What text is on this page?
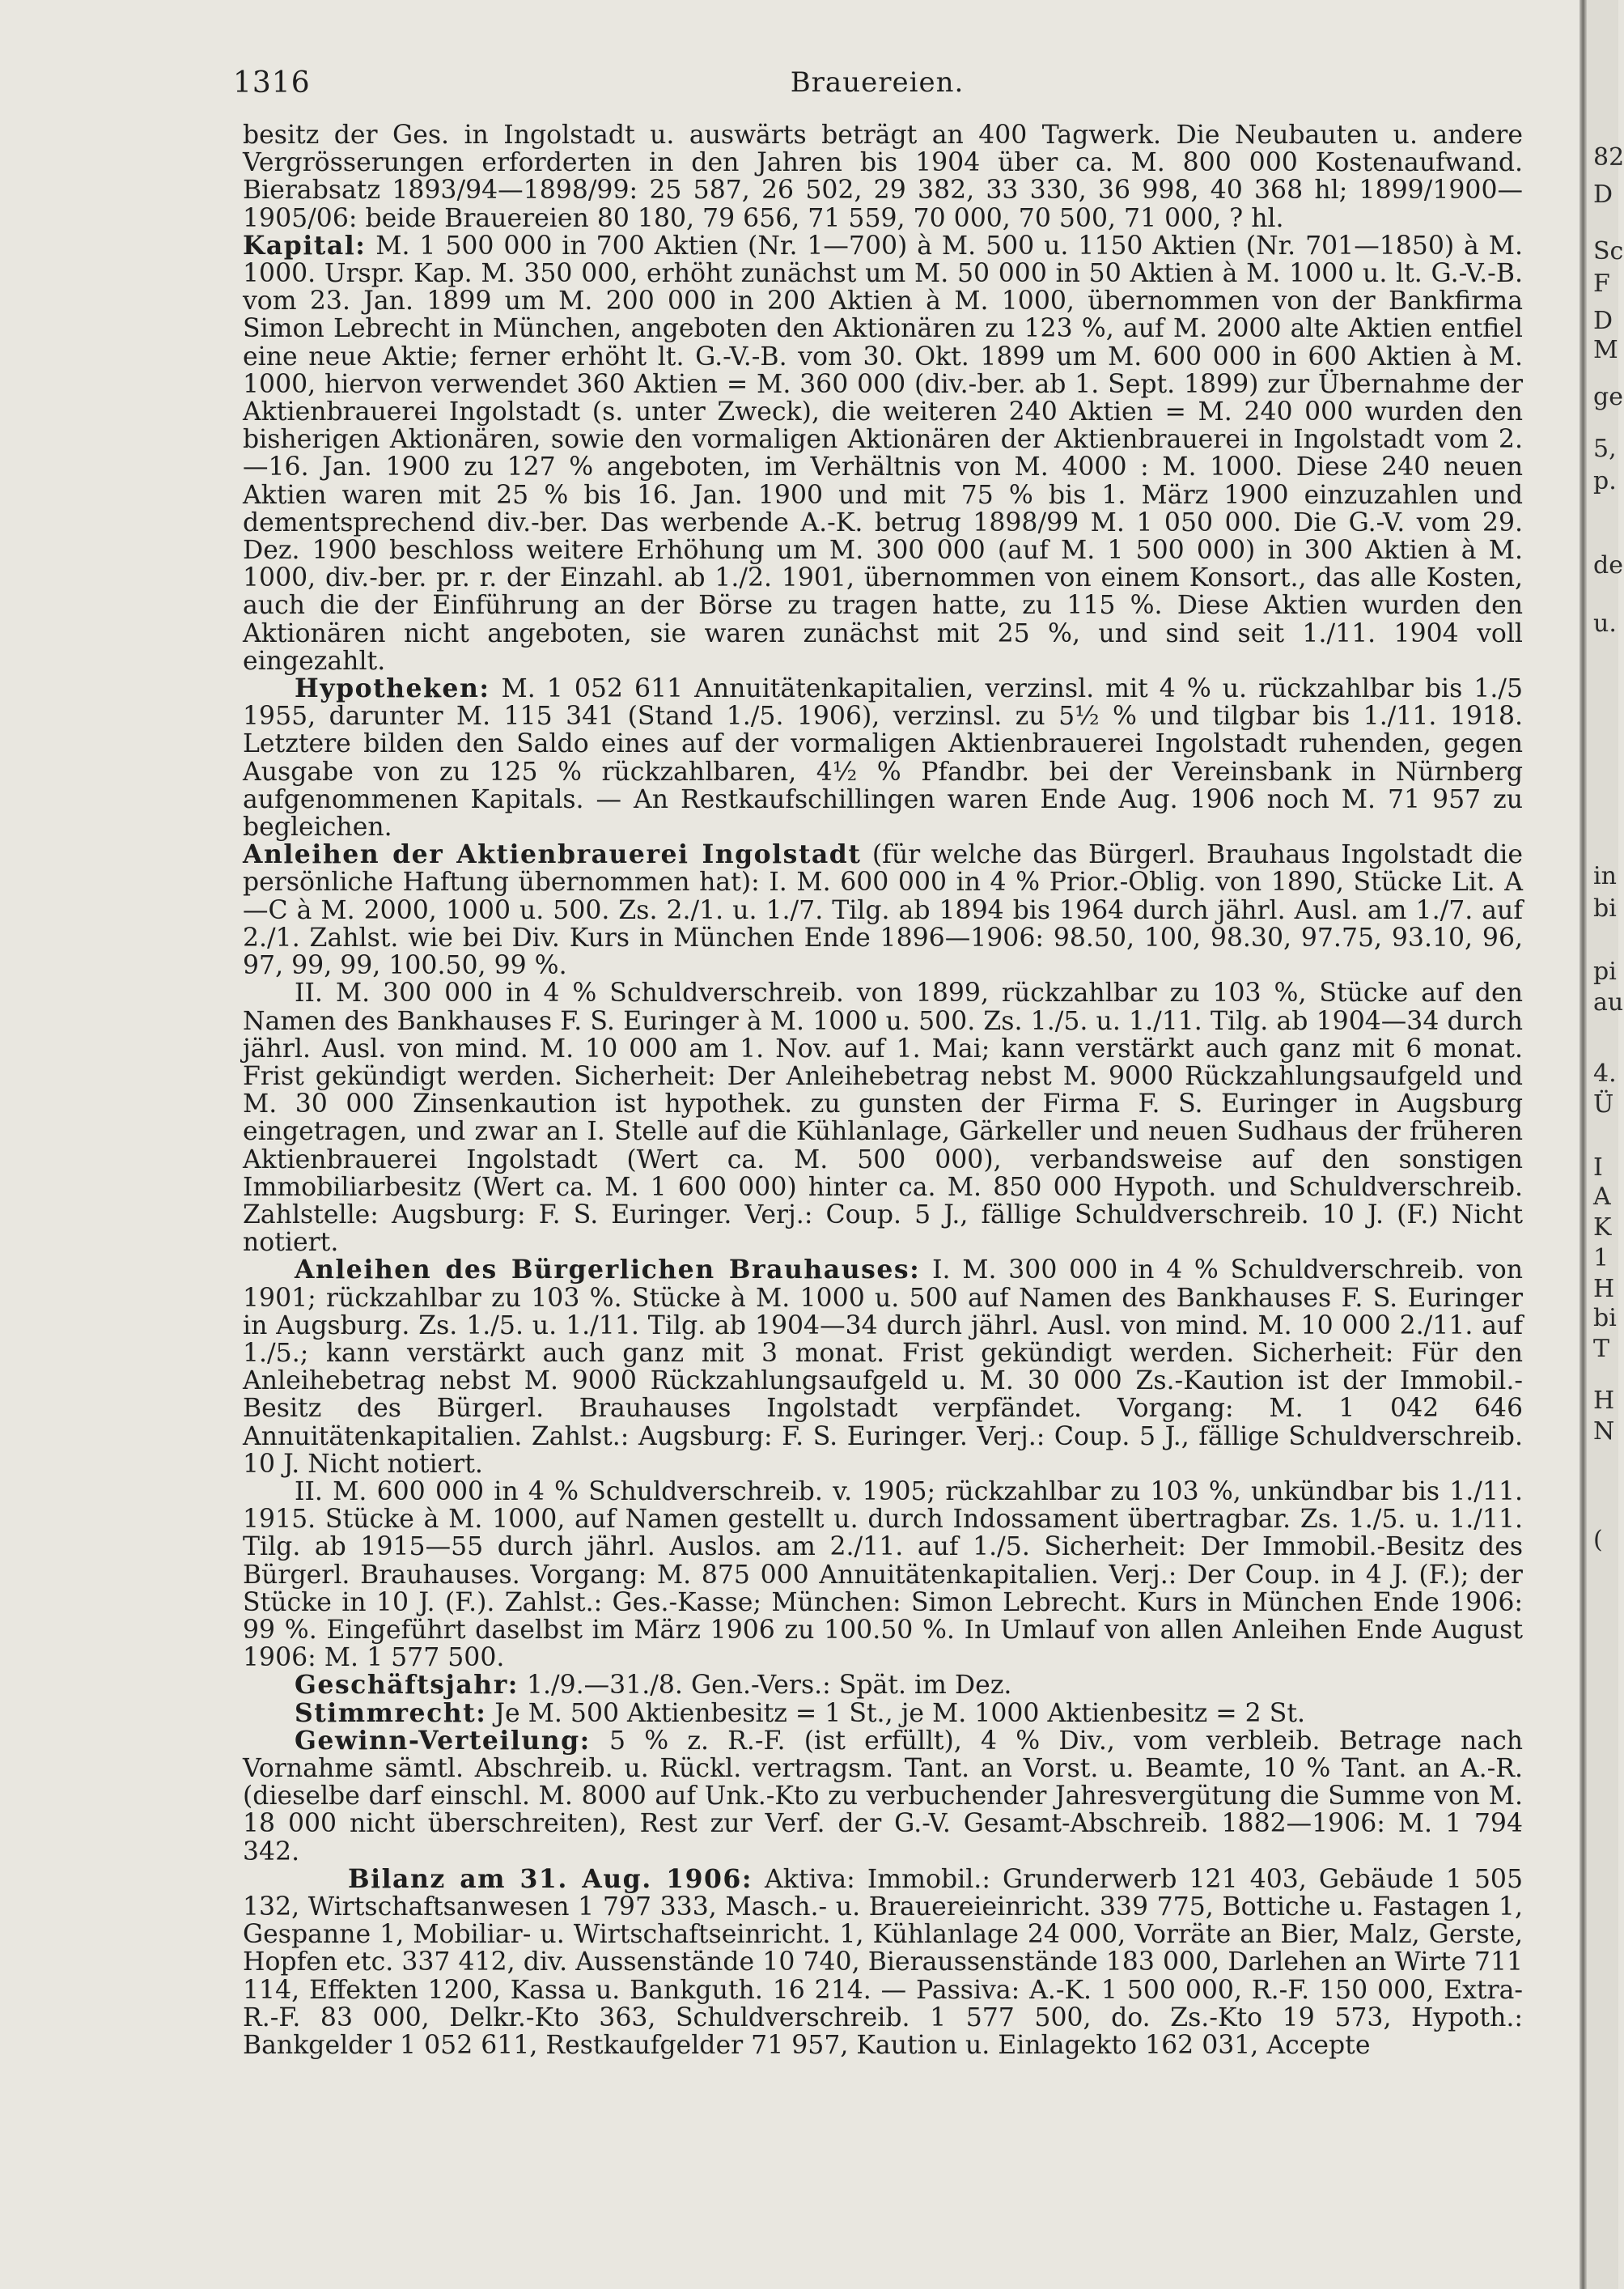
1316	Brauereien.

besitz der Ges. in Ingolstadt u. auswärts beträgt an 400 Tagwerk. Die Neubauten u. andere Vergrösserungen erforderten in den Jahren bis 1904 über ca. M. 800 000 Kostenaufwand. Bierabsatz 1893/94—1898/99: 25 587, 26 502, 29 382, 33 330, 36 998, 40 368 hl; 1899/1900—1905/06: beide Brauereien 80 180, 79 656, 71 559, 70 000, 70 500, 71 000, ? hl.

Kapital: M. 1 500 000 in 700 Aktien (Nr. 1—700) à M. 500 u. 1150 Aktien (Nr. 701—1850) à M. 1000. Urspr. Kap. M. 350 000, erhöht zunächst um M. 50 000 in 50 Aktien à M. 1000 u. lt. G.-V.-B. vom 23. Jan. 1899 um M. 200 000 in 200 Aktien à M. 1000, übernommen von der Bankfirma Simon Lebrecht in München, angeboten den Aktionären zu 123 %, auf M. 2000 alte Aktien entfiel eine neue Aktie; ferner erhöht lt. G.-V.-B. vom 30. Okt. 1899 um M. 600 000 in 600 Aktien à M. 1000, hiervon verwendet 360 Aktien = M. 360 000 (div.-ber. ab 1. Sept. 1899) zur Übernahme der Aktienbrauerei Ingolstadt (s. unter Zweck), die weiteren 240 Aktien = M. 240 000 wurden den bisherigen Aktionären, sowie den vormaligen Aktionären der Aktienbrauerei in Ingolstadt vom 2.—16. Jan. 1900 zu 127 % angeboten, im Verhältnis von M. 4000 : M. 1000. Diese 240 neuen Aktien waren mit 25 % bis 16. Jan. 1900 und mit 75 % bis 1. März 1900 einzuzahlen und dementsprechend div.-ber. Das werbende A.-K. betrug 1898/99 M. 1 050 000. Die G.-V. vom 29. Dez. 1900 beschloss weitere Erhöhung um M. 300 000 (auf M. 1 500 000) in 300 Aktien à M. 1000, div.-ber. pr. r. der Einzahl. ab 1./2. 1901, übernommen von einem Konsort., das alle Kosten, auch die der Einführung an der Börse zu tragen hatte, zu 115 %. Diese Aktien wurden den Aktionären nicht angeboten, sie waren zunächst mit 25 %, und sind seit 1./11. 1904 voll eingezahlt.

Hypotheken: M. 1 052 611 Annuitätenkapitalien, verzinsl. mit 4 % u. rückzahlbar bis 1./5 1955, darunter M. 115 341 (Stand 1./5. 1906), verzinsl. zu 5½ % und tilgbar bis 1./11. 1918. Letztere bilden den Saldo eines auf der vormaligen Aktienbrauerei Ingolstadt ruhenden, gegen Ausgabe von zu 125 % rückzahlbaren, 4½ % Pfandbr. bei der Vereinsbank in Nürnberg aufgenommenen Kapitals. — An Restkaufschillingen waren Ende Aug. 1906 noch M. 71 957 zu begleichen.

Anleihen der Aktienbrauerei Ingolstadt (für welche das Bürgerl. Brauhaus Ingolstadt die persönliche Haftung übernommen hat): I. M. 600 000 in 4 % Prior.-Oblig. von 1890, Stücke Lit. A—C à M. 2000, 1000 u. 500. Zs. 2./1. u. 1./7. Tilg. ab 1894 bis 1964 durch jährl. Ausl. am 1./7. auf 2./1. Zahlst. wie bei Div. Kurs in München Ende 1896—1906: 98.50, 100, 98.30, 97.75, 93.10, 96, 97, 99, 99, 100.50, 99 %.

II. M. 300 000 in 4 % Schuldverschreib. von 1899, rückzahlbar zu 103 %, Stücke auf den Namen des Bankhauses F. S. Euringer à M. 1000 u. 500. Zs. 1./5. u. 1./11. Tilg. ab 1904—34 durch jährl. Ausl. von mind. M. 10 000 am 1. Nov. auf 1. Mai; kann verstärkt auch ganz mit 6 monat. Frist gekündigt werden. Sicherheit: Der Anleihebetrag nebst M. 9000 Rückzahlungsaufgeld und M. 30 000 Zinsenkaution ist hypothek. zu gunsten der Firma F. S. Euringer in Augsburg eingetragen, und zwar an I. Stelle auf die Kühlanlage, Gärkeller und neuen Sudhaus der früheren Aktienbrauerei Ingolstadt (Wert ca. M. 500 000), verbandsweise auf den sonstigen Immobiliarbesitz (Wert ca. M. 1 600 000) hinter ca. M. 850 000 Hypoth. und Schuldverschreib. Zahlstelle: Augsburg: F. S. Euringer. Verj.: Coup. 5 J., fällige Schuldverschreib. 10 J. (F.) Nicht notiert.

Anleihen des Bürgerlichen Brauhauses: I. M. 300 000 in 4 % Schuldverschreib. von 1901; rückzahlbar zu 103 %. Stücke à M. 1000 u. 500 auf Namen des Bankhauses F. S. Euringer in Augsburg. Zs. 1./5. u. 1./11. Tilg. ab 1904—34 durch jährl. Ausl. von mind. M. 10 000 2./11. auf 1./5.; kann verstärkt auch ganz mit 3 monat. Frist gekündigt werden. Sicherheit: Für den Anleihebetrag nebst M. 9000 Rückzahlungsaufgeld u. M. 30 000 Zs.-Kaution ist der Immobil.-Besitz des Bürgerl. Brauhauses Ingolstadt verpfändet. Vorgang: M. 1 042 646 Annuitätenkapitalien. Zahlst.: Augsburg: F. S. Euringer. Verj.: Coup. 5 J., fällige Schuldverschreib. 10 J. Nicht notiert.

II. M. 600 000 in 4 % Schuldverschreib. v. 1905; rückzahlbar zu 103 %, unkündbar bis 1./11. 1915. Stücke à M. 1000, auf Namen gestellt u. durch Indossament übertragbar. Zs. 1./5. u. 1./11. Tilg. ab 1915—55 durch jährl. Auslos. am 2./11. auf 1./5. Sicherheit: Der Immobil.-Besitz des Bürgerl. Brauhauses. Vorgang: M. 875 000 Annuitätenkapitalien. Verj.: Der Coup. in 4 J. (F.); der Stücke in 10 J. (F.). Zahlst.: Ges.-Kasse; München: Simon Lebrecht. Kurs in München Ende 1906: 99 %. Eingeführt daselbst im März 1906 zu 100.50 %. In Umlauf von allen Anleihen Ende August 1906: M. 1 577 500.

Geschäftsjahr: 1./9.—31./8. Gen.-Vers.: Spät. im Dez.

Stimmrecht: Je M. 500 Aktienbesitz = 1 St., je M. 1000 Aktienbesitz = 2 St.

Gewinn-Verteilung: 5 % z. R.-F. (ist erfüllt), 4 % Div., vom verbleib. Betrage nach Vornahme sämtl. Abschreib. u. Rückl. vertragsm. Tant. an Vorst. u. Beamte, 10 % Tant. an A.-R. (dieselbe darf einschl. M. 8000 auf Unk.-Kto zu verbuchender Jahresvergütung die Summe von M. 18 000 nicht überschreiten), Rest zur Verf. der G.-V. Gesamt-Abschreib. 1882—1906: M. 1 794 342.

Bilanz am 31. Aug. 1906: Aktiva: Immobil.: Grunderwerb 121 403, Gebäude 1 505 132, Wirtschaftsanwesen 1 797 333, Masch.- u. Brauereieinricht. 339 775, Bottiche u. Fastagen 1, Gespanne 1, Mobiliar- u. Wirtschaftseinricht. 1, Kühlanlage 24 000, Vorräte an Bier, Malz, Gerste, Hopfen etc. 337 412, div. Aussenstände 10 740, Bieraussenstände 183 000, Darlehen an Wirte 711 114, Effekten 1200, Kassa u. Bankguth. 16 214. — Passiva: A.-K. 1 500 000, R.-F. 150 000, Extra-R.-F. 83 000, Delkr.-Kto 363, Schuldverschreib. 1 577 500, do. Zs.-Kto 19 573, Hypoth.: Bankgelder 1 052 611, Restkaufgelder 71 957, Kaution u. Einlagekto 162 031, Accepte

82
D
Sc
F
D
M
ge
5,
p.
de
u.
in
bi
pi
au
4.
Ü
I
A
K
1
H
bi
T
H
N
(
